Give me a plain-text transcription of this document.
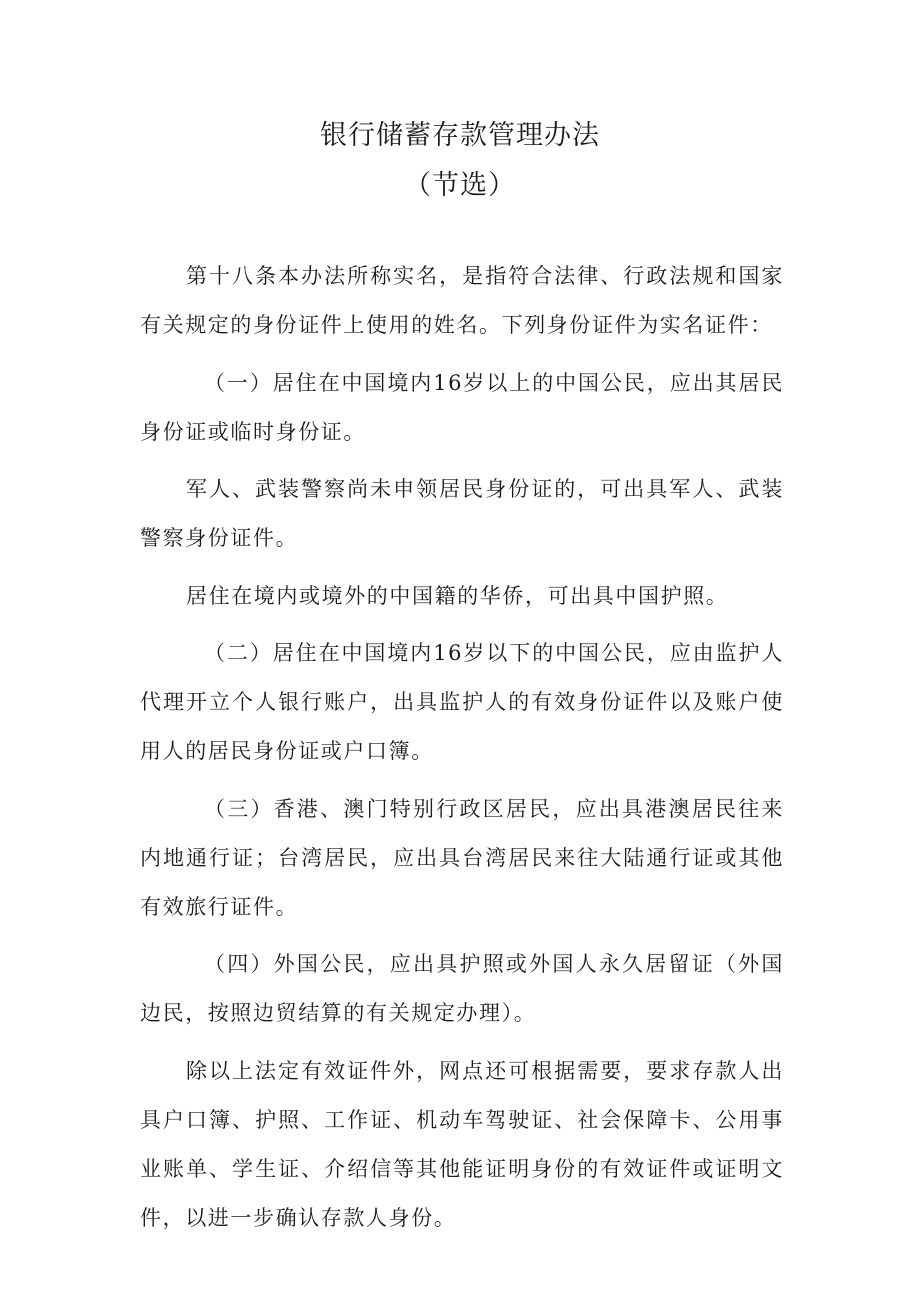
银行储蓄存款管理办法
（节选）

第十八条本办法所称实名，是指符合法律、行政法规和国家有关规定的身份证件上使用的姓名。下列身份证件为实名证件：

（一）居住在中国境内16岁以上的中国公民，应出其居民身份证或临时身份证。

军人、武装警察尚未申领居民身份证的，可出具军人、武装警察身份证件。

居住在境内或境外的中国籍的华侨，可出具中国护照。

（二）居住在中国境内16岁以下的中国公民，应由监护人代理开立个人银行账户，出具监护人的有效身份证件以及账户使用人的居民身份证或户口簿。

（三）香港、澳门特别行政区居民，应出具港澳居民往来内地通行证；台湾居民，应出具台湾居民来往大陆通行证或其他有效旅行证件。

（四）外国公民，应出具护照或外国人永久居留证（外国边民，按照边贸结算的有关规定办理）。

除以上法定有效证件外，网点还可根据需要，要求存款人出具户口簿、护照、工作证、机动车驾驶证、社会保障卡、公用事业账单、学生证、介绍信等其他能证明身份的有效证件或证明文件，以进一步确认存款人身份。
